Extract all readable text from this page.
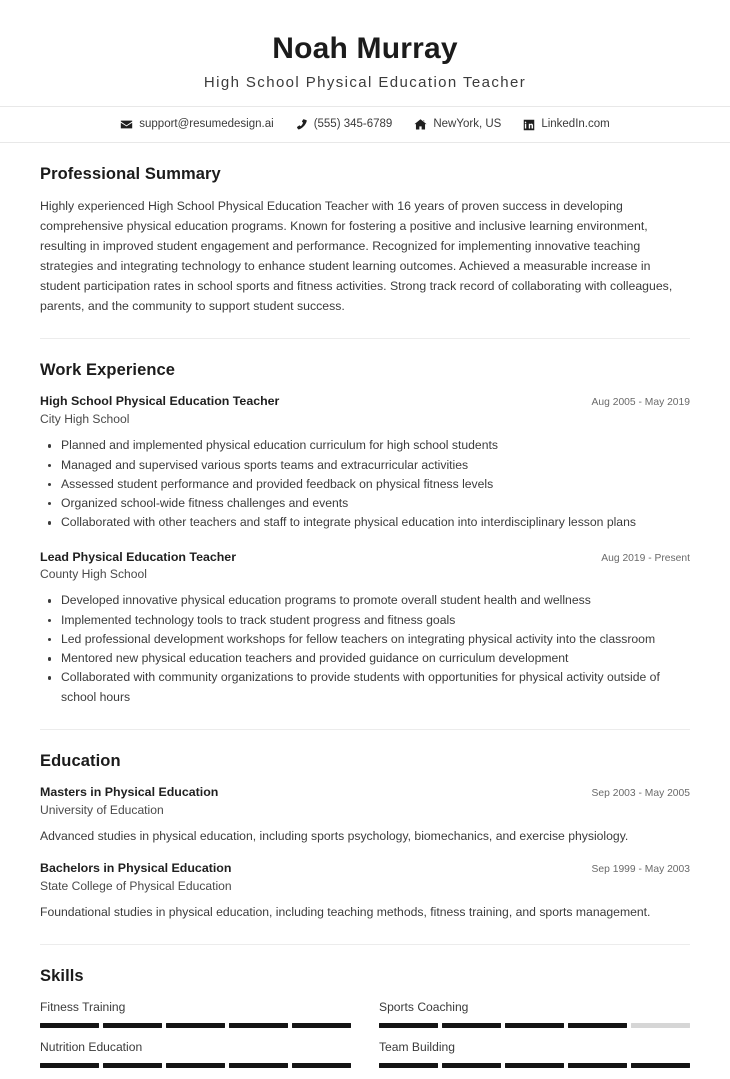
Noah Murray
High School Physical Education Teacher
support@resumedesign.ai	(555) 345-6789	NewYork, US	LinkedIn.com
Professional Summary

Highly experienced High School Physical Education Teacher with 16 years of proven success in developing comprehensive physical education programs. Known for fostering a positive and inclusive learning environment, resulting in improved student engagement and performance. Recognized for implementing innovative teaching strategies and integrating technology to enhance student learning outcomes. Achieved a measurable increase in student participation rates in school sports and fitness activities. Strong track record of collaborating with colleagues, parents, and the community to support student success.

Work Experience
High School Physical Education Teacher	Aug 2005 - May 2019
City High School
Planned and implemented physical education curriculum for high school students
Managed and supervised various sports teams and extracurricular activities
Assessed student performance and provided feedback on physical fitness levels
Organized school-wide fitness challenges and events
Collaborated with other teachers and staff to integrate physical education into interdisciplinary lesson plans
Lead Physical Education Teacher	Aug 2019 - Present
County High School
Developed innovative physical education programs to promote overall student health and wellness
Implemented technology tools to track student progress and fitness goals
Led professional development workshops for fellow teachers on integrating physical activity into the classroom
Mentored new physical education teachers and provided guidance on curriculum development
Collaborated with community organizations to provide students with opportunities for physical activity outside of school hours
Education
Masters in Physical Education	Sep 2003 - May 2005
University of Education
Advanced studies in physical education, including sports psychology, biomechanics, and exercise physiology.
Bachelors in Physical Education	Sep 1999 - May 2003
State College of Physical Education
Foundational studies in physical education, including teaching methods, fitness training, and sports management.
Skills
Fitness Training	Sports Coaching
Nutrition Education	Team Building
